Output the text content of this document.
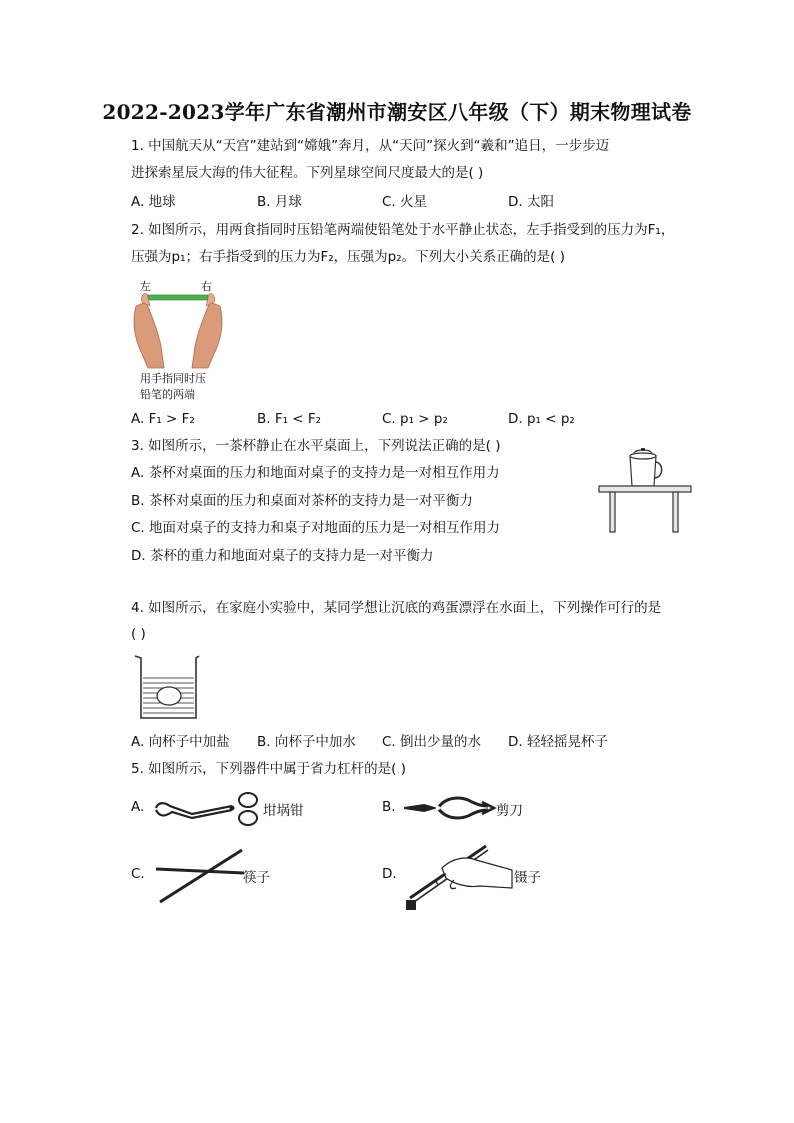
2022-2023学年广东省潮州市潮安区八年级（下）期末物理试卷
1. 中国航天从“天宫”建站到“嫦娥”奔月，从“天问”探火到“羲和”追日，一步步迈
进探索星辰大海的伟大征程。下列星球空间尺度最大的是( )
A. 地球	B. 月球	C. 火星	D. 太阳
2. 如图所示，用两食指同时压铅笔两端使铅笔处于水平静止状态，左手指受到的压力为F₁，
压强为p₁；右手指受到的压力为F₂，压强为p₂。下列大小关系正确的是( )
左	右
用手指同时压
铅笔的两端
A. F₁ > F₂	B. F₁ < F₂	C. p₁ > p₂	D. p₁ < p₂
3. 如图所示，一茶杯静止在水平桌面上，下列说法正确的是( )
A. 茶杯对桌面的压力和地面对桌子的支持力是一对相互作用力
B. 茶杯对桌面的压力和桌面对茶杯的支持力是一对平衡力
C. 地面对桌子的支持力和桌子对地面的压力是一对相互作用力
D. 茶杯的重力和地面对桌子的支持力是一对平衡力
4. 如图所示，在家庭小实验中，某同学想让沉底的鸡蛋漂浮在水面上，下列操作可行的是
( )
A. 向杯子中加盐 B. 向杯子中加水 C. 倒出少量的水 D. 轻轻摇晃杯子
5. 如图所示，下列器件中属于省力杠杆的是( )
A.	坩埚钳	B.	剪刀
C.	筷子	D.	镊子
